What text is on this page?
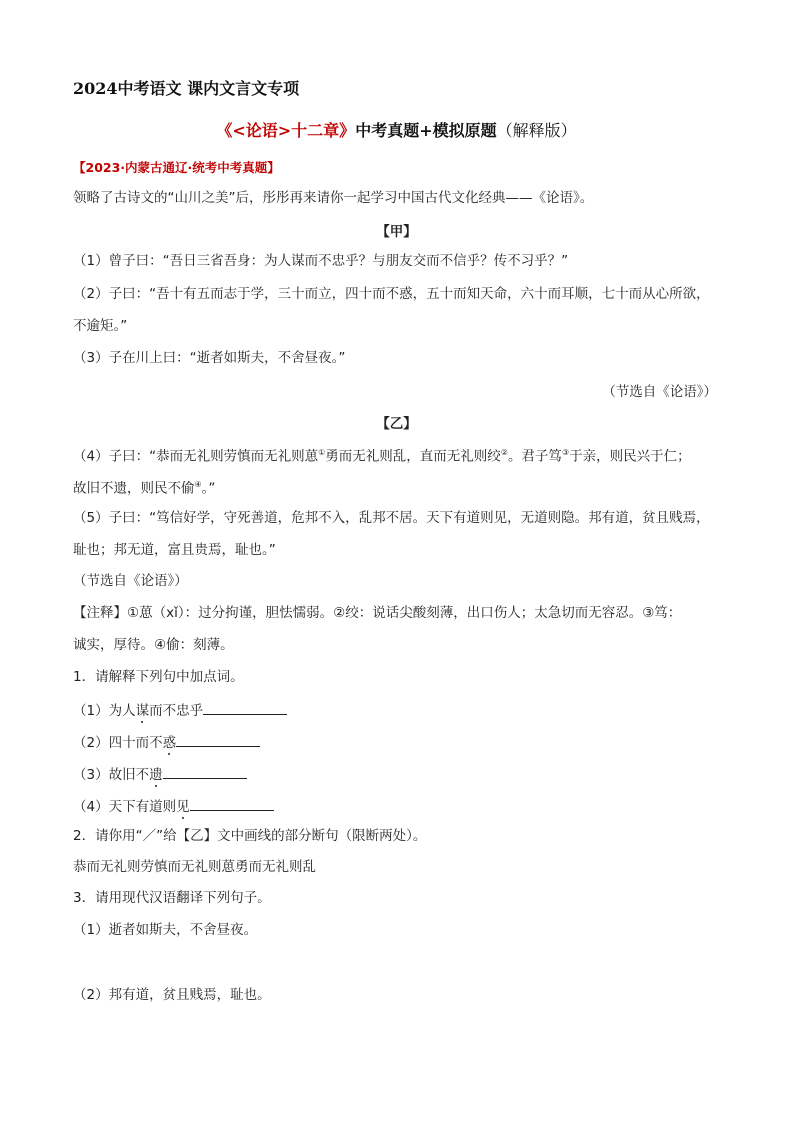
2024中考语文 课内文言文专项
《<论语>十二章》中考真题+模拟原题（解释版）
【2023·内蒙古通辽·统考中考真题】
领略了古诗文的“山川之美”后，彤彤再来请你一起学习中国古代文化经典——《论语》。
【甲】
（1）曾子曰：“吾日三省吾身：为人谋而不忠乎？与朋友交而不信乎？传不习乎？”
（2）子曰：“吾十有五而志于学，三十而立，四十而不惑，五十而知天命，六十而耳顺，七十而从心所欲，
不逾矩。”
（3）子在川上曰：“逝者如斯夫，不舍昼夜。”
（节选自《论语》）
【乙】
（4）子曰：“恭而无礼则劳慎而无礼则葸①勇而无礼则乱，直而无礼则绞②。君子笃③于亲，则民兴于仁；
故旧不遗，则民不偷④。”
（5）子曰：“笃信好学，守死善道，危邦不入，乱邦不居。天下有道则见，无道则隐。邦有道，贫且贱焉，
耻也；邦无道，富且贵焉，耻也。”
（节选自《论语》）
【注释】①葸（xǐ）：过分拘谨，胆怯懦弱。②绞：说话尖酸刻薄，出口伤人；太急切而无容忍。③笃：
诚实，厚待。④偷：刻薄。
1．请解释下列句中加点词。
（1）为人谋而不忠乎
（2）四十而不惑
（3）故旧不遗
（4）天下有道则见
2．请你用“／”给【乙】文中画线的部分断句（限断两处）。
恭而无礼则劳慎而无礼则葸勇而无礼则乱
3．请用现代汉语翻译下列句子。
（1）逝者如斯夫，不舍昼夜。
（2）邦有道，贫且贱焉，耻也。
